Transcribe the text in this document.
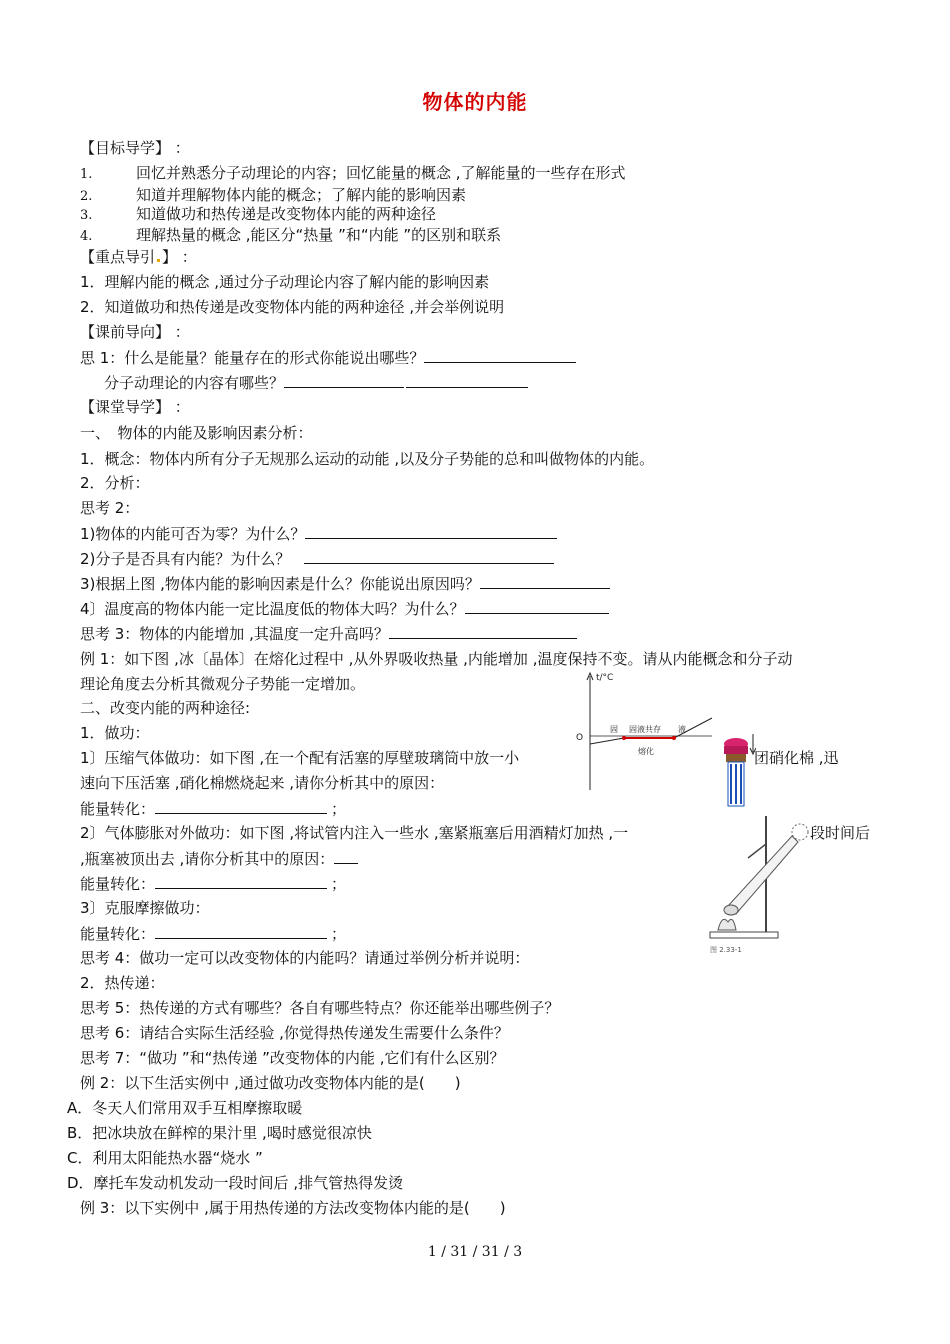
物体的内能
【目标导学】 ：
1.	回忆并熟悉分子动理论的内容；回忆能量的概念 ,了解能量的一些存在形式
2.	知道并理解物体内能的概念；了解内能的影响因素
3.	知道做功和热传递是改变物体内能的两种途径
4.	理解热量的概念 ,能区分“热量 ”和“内能 ”的区别和联系
【重点导引 】 ：
1．理解内能的概念 ,通过分子动理论内容了解内能的影响因素
2．知道做功和热传递是改变物体内能的两种途径 ,并会举例说明
【课前导向】 ：
思 1：什么是能量？能量存在的形式你能说出哪些？
分子动理论的内容有哪些？
【课堂导学】 ：
一、　物体的内能及影响因素分析：
1．概念：物体内所有分子无规那么运动的动能 ,以及分子势能的总和叫做物体的内能。
2．分析：
思考 2：
1)物体的内能可否为零？为什么？
2)分子是否具有内能？为什么？
3)根据上图 ,物体内能的影响因素是什么？你能说出原因吗？
4〕温度高的物体内能一定比温度低的物体大吗？为什么？
思考 3：物体的内能增加 ,其温度一定升高吗？
例 1：如下图 ,冰〔晶体〕在熔化过程中 ,从外界吸收热量 ,内能增加 ,温度保持不变。请从内能概念和分子动
理论角度去分析其微观分子势能一定增加。
二、改变内能的两种途径:
1．做功：
1〕压缩气体做功：如下图 ,在一个配有活塞的厚壁玻璃筒中放一小	团硝化棉 ,迅
速向下压活塞 ,硝化棉燃烧起来 ,请你分析其中的原因：
能量转化：	；
2〕气体膨胀对外做功：如下图 ,将试管内注入一些水 ,塞紧瓶塞后用酒精灯加热 ,一	段时间后
,瓶塞被顶出去 ,请你分析其中的原因：
能量转化：	；
3〕克服摩擦做功：
能量转化：	；
思考 4：做功一定可以改变物体的内能吗？请通过举例分析并说明：
2．热传递：
思考 5：热传递的方式有哪些？各自有哪些特点？你还能举出哪些例子？
思考 6：请结合实际生活经验 ,你觉得热传递发生需要什么条件？
思考 7：“做功 ”和“热传递 ”改变物体的内能 ,它们有什么区别？
例 2：以下生活实例中 ,通过做功改变物体内能的是(　　)
A．冬天人们常用双手互相摩擦取暖
B．把冰块放在鲜榨的果汁里 ,喝时感觉很凉快
C．利用太阳能热水器“烧水 ”
D．摩托车发动机发动一段时间后 ,排气管热得发烫
例 3：以下实例中 ,属于用热传递的方法改变物体内能的是(　　)
t/°C
O
固 固液共存 液
熔化
图 2.33-1
1 / 31 / 31 / 3
